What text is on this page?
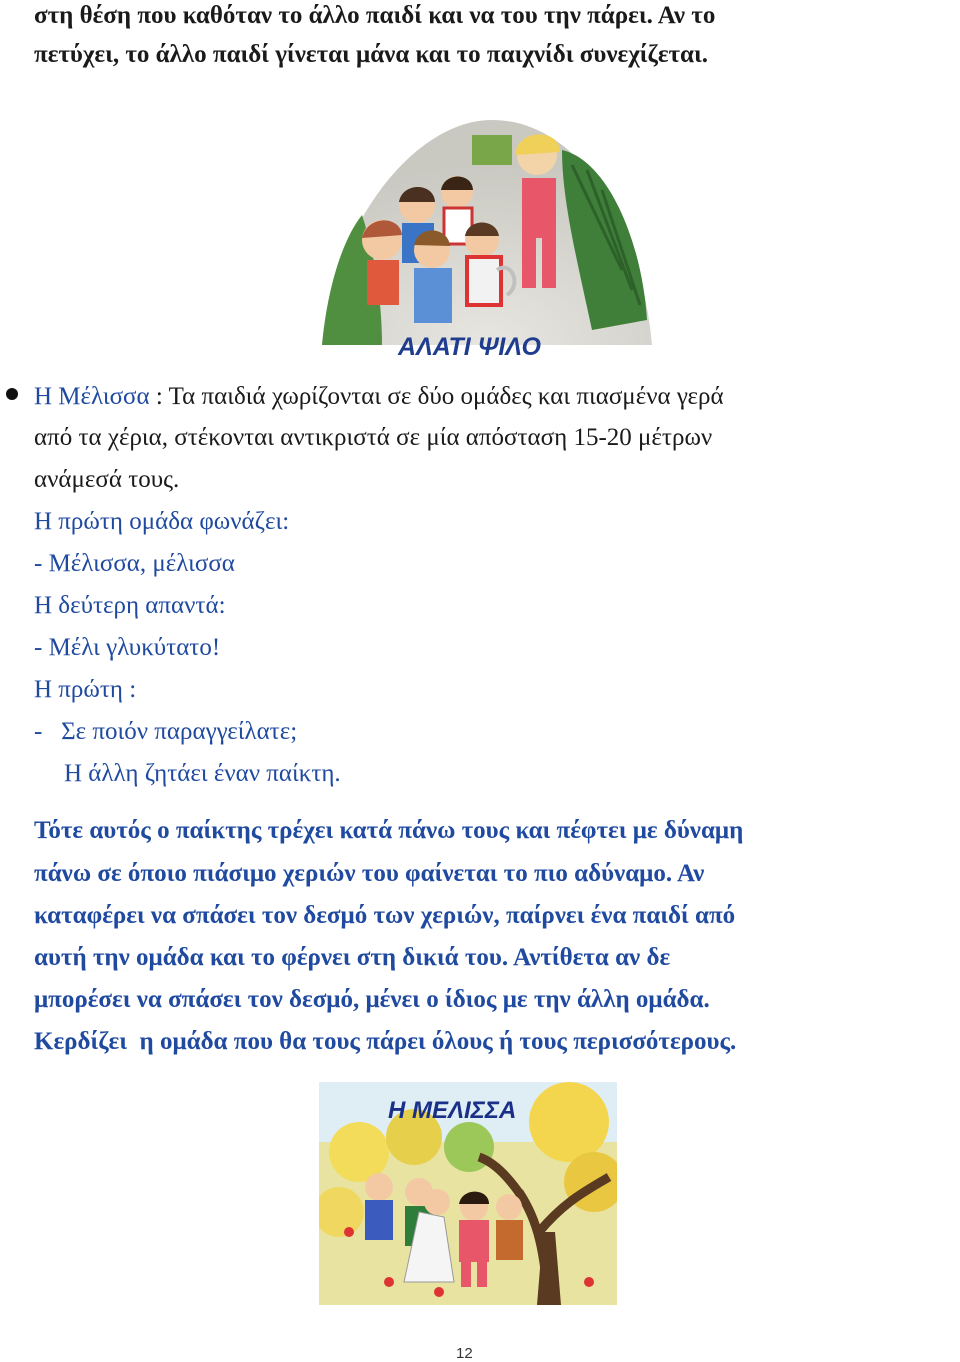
στη θέση που καθόταν το άλλο παιδί και να του την πάρει. Αν το
πετύχει, το άλλο παιδί γίνεται μάνα και το παιχνίδι συνεχίζεται.
ΑΛΑΤΙ ΨΙΛΟ
Η Μέλισσα : Τα παιδιά χωρίζονται σε δύο ομάδες και πιασμένα γερά
από τα χέρια, στέκονται αντικριστά σε μία απόσταση 15-20 μέτρων
ανάμεσά τους.
Η πρώτη ομάδα φωνάζει:
- Μέλισσα, μέλισσα
Η δεύτερη απαντά:
- Μέλι γλυκύτατο!
Η πρώτη :
-   Σε ποιόν παραγγείλατε;
Η άλλη ζητάει έναν παίκτη.
Τότε αυτός ο παίκτης τρέχει κατά πάνω τους και πέφτει με δύναμη
πάνω σε όποιο πιάσιμο χεριών του φαίνεται το πιο αδύναμο. Αν
καταφέρει να σπάσει τον δεσμό των χεριών, παίρνει ένα παιδί από
αυτή την ομάδα και το φέρνει στη δικιά του. Αντίθετα αν δε
μπορέσει να σπάσει τον δεσμό, μένει ο ίδιος με την άλλη ομάδα.
Κερδίζει  η ομάδα που θα τους πάρει όλους ή τους περισσότερους.
Η ΜΕΛΙΣΣΑ
12
